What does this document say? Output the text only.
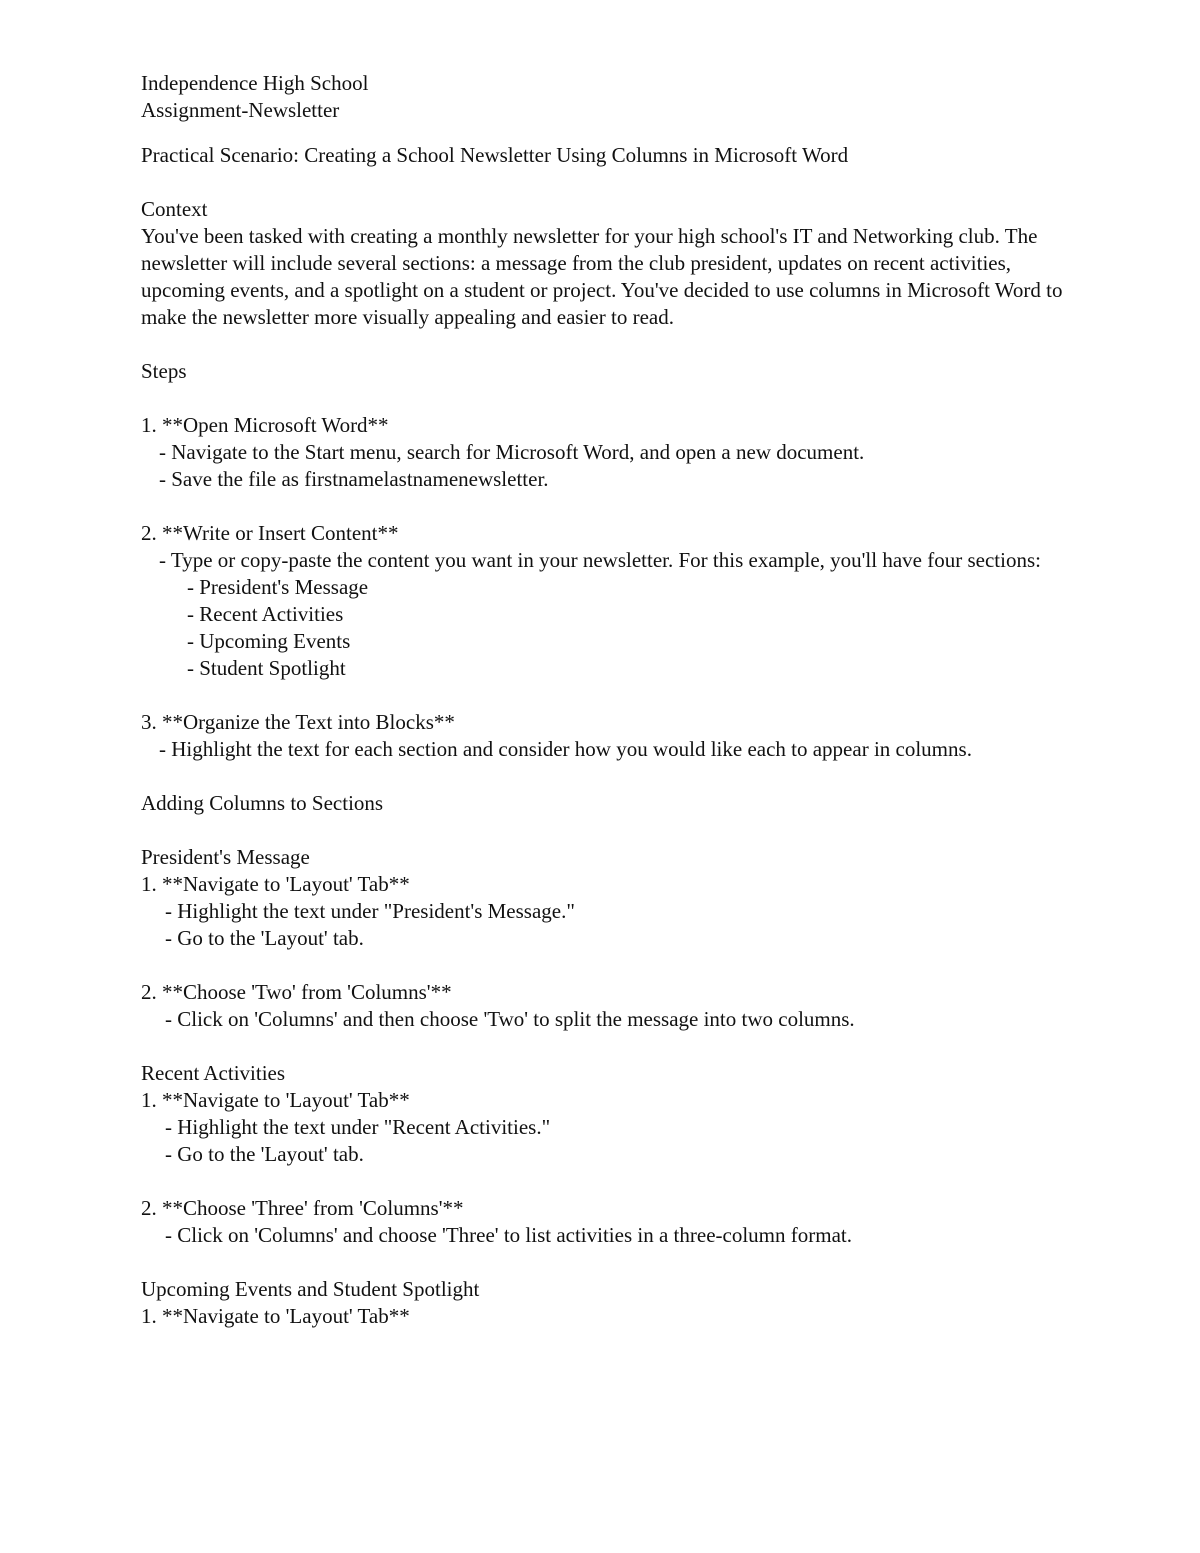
Independence High School
Assignment-Newsletter
Practical Scenario: Creating a School Newsletter Using Columns in Microsoft Word
Context
You've been tasked with creating a monthly newsletter for your high school's IT and Networking club. The newsletter will include several sections: a message from the club president, updates on recent activities, upcoming events, and a spotlight on a student or project. You've decided to use columns in Microsoft Word to make the newsletter more visually appealing and easier to read.
Steps
1. **Open Microsoft Word**
- Navigate to the Start menu, search for Microsoft Word, and open a new document.
- Save the file as firstnamelastnamenewsletter.
2. **Write or Insert Content**
- Type or copy-paste the content you want in your newsletter. For this example, you'll have four sections:
- President's Message
- Recent Activities
- Upcoming Events
- Student Spotlight
3. **Organize the Text into Blocks**
- Highlight the text for each section and consider how you would like each to appear in columns.
Adding Columns to Sections
President's Message
1. **Navigate to 'Layout' Tab**
- Highlight the text under "President's Message."
- Go to the 'Layout' tab.
2. **Choose 'Two' from 'Columns'**
- Click on 'Columns' and then choose 'Two' to split the message into two columns.
Recent Activities
1. **Navigate to 'Layout' Tab**
- Highlight the text under "Recent Activities."
- Go to the 'Layout' tab.
2. **Choose 'Three' from 'Columns'**
- Click on 'Columns' and choose 'Three' to list activities in a three-column format.
Upcoming Events and Student Spotlight
1. **Navigate to 'Layout' Tab**
